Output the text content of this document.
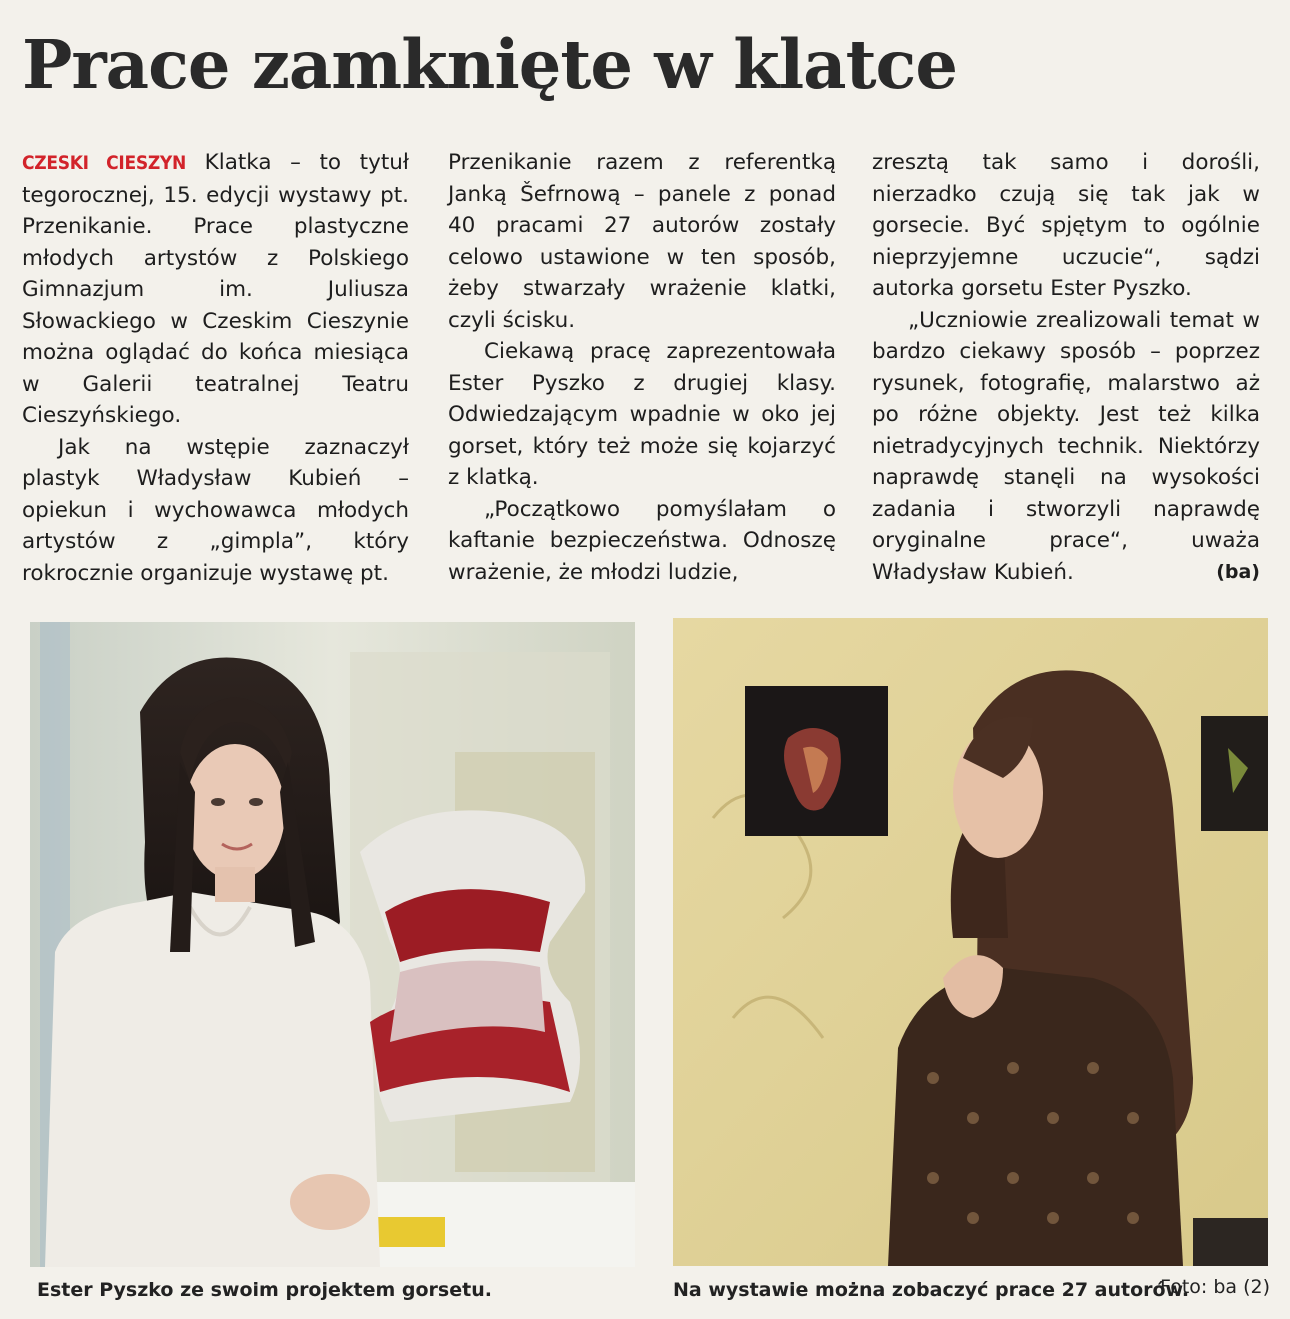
Prace zamknięte w klatce

CZESKI CIESZYN Klatka – to tytuł tegorocznej, 15. edycji wystawy pt. Przenikanie. Prace plastyczne młodych artystów z Polskiego Gimnazjum im. Juliusza Słowackiego w Czeskim Cieszynie można oglądać do końca miesiąca w Galerii teatralnej Teatru Cieszyńskiego.

Jak na wstępie zaznaczył plastyk Władysław Kubień – opiekun i wychowawca młodych artystów z „gimpla”, który rokrocznie organizuje wystawę pt.

Przenikanie razem z referentką Janką Šefrnową – panele z ponad 40 pracami 27 autorów zostały celowo ustawione w ten sposób, żeby stwarzały wrażenie klatki, czyli ścisku.

Ciekawą pracę zaprezentowała Ester Pyszko z drugiej klasy. Odwiedzającym wpadnie w oko jej gorset, który też może się kojarzyć z klatką.

„Początkowo pomyślałam o kaftanie bezpieczeństwa. Odnoszę wrażenie, że młodzi ludzie,

zresztą tak samo i dorośli, nierzadko czują się tak jak w gorsecie. Być spjętym to ogólnie nieprzyjemne uczucie“, sądzi autorka gorsetu Ester Pyszko.

„Uczniowie zrealizowali temat w bardzo ciekawy sposób – poprzez rysunek, fotografię, malarstwo aż po różne objekty. Jest też kilka nietradycyjnych technik. Niektórzy naprawdę stanęli na wysokości zadania i stworzyli naprawdę oryginalne prace“, uważa Władysław Kubień.	(ba)

Ester Pyszko ze swoim projektem gorsetu.	Na wystawie można zobaczyć prace 27 autorów.
Foto: ba (2)
